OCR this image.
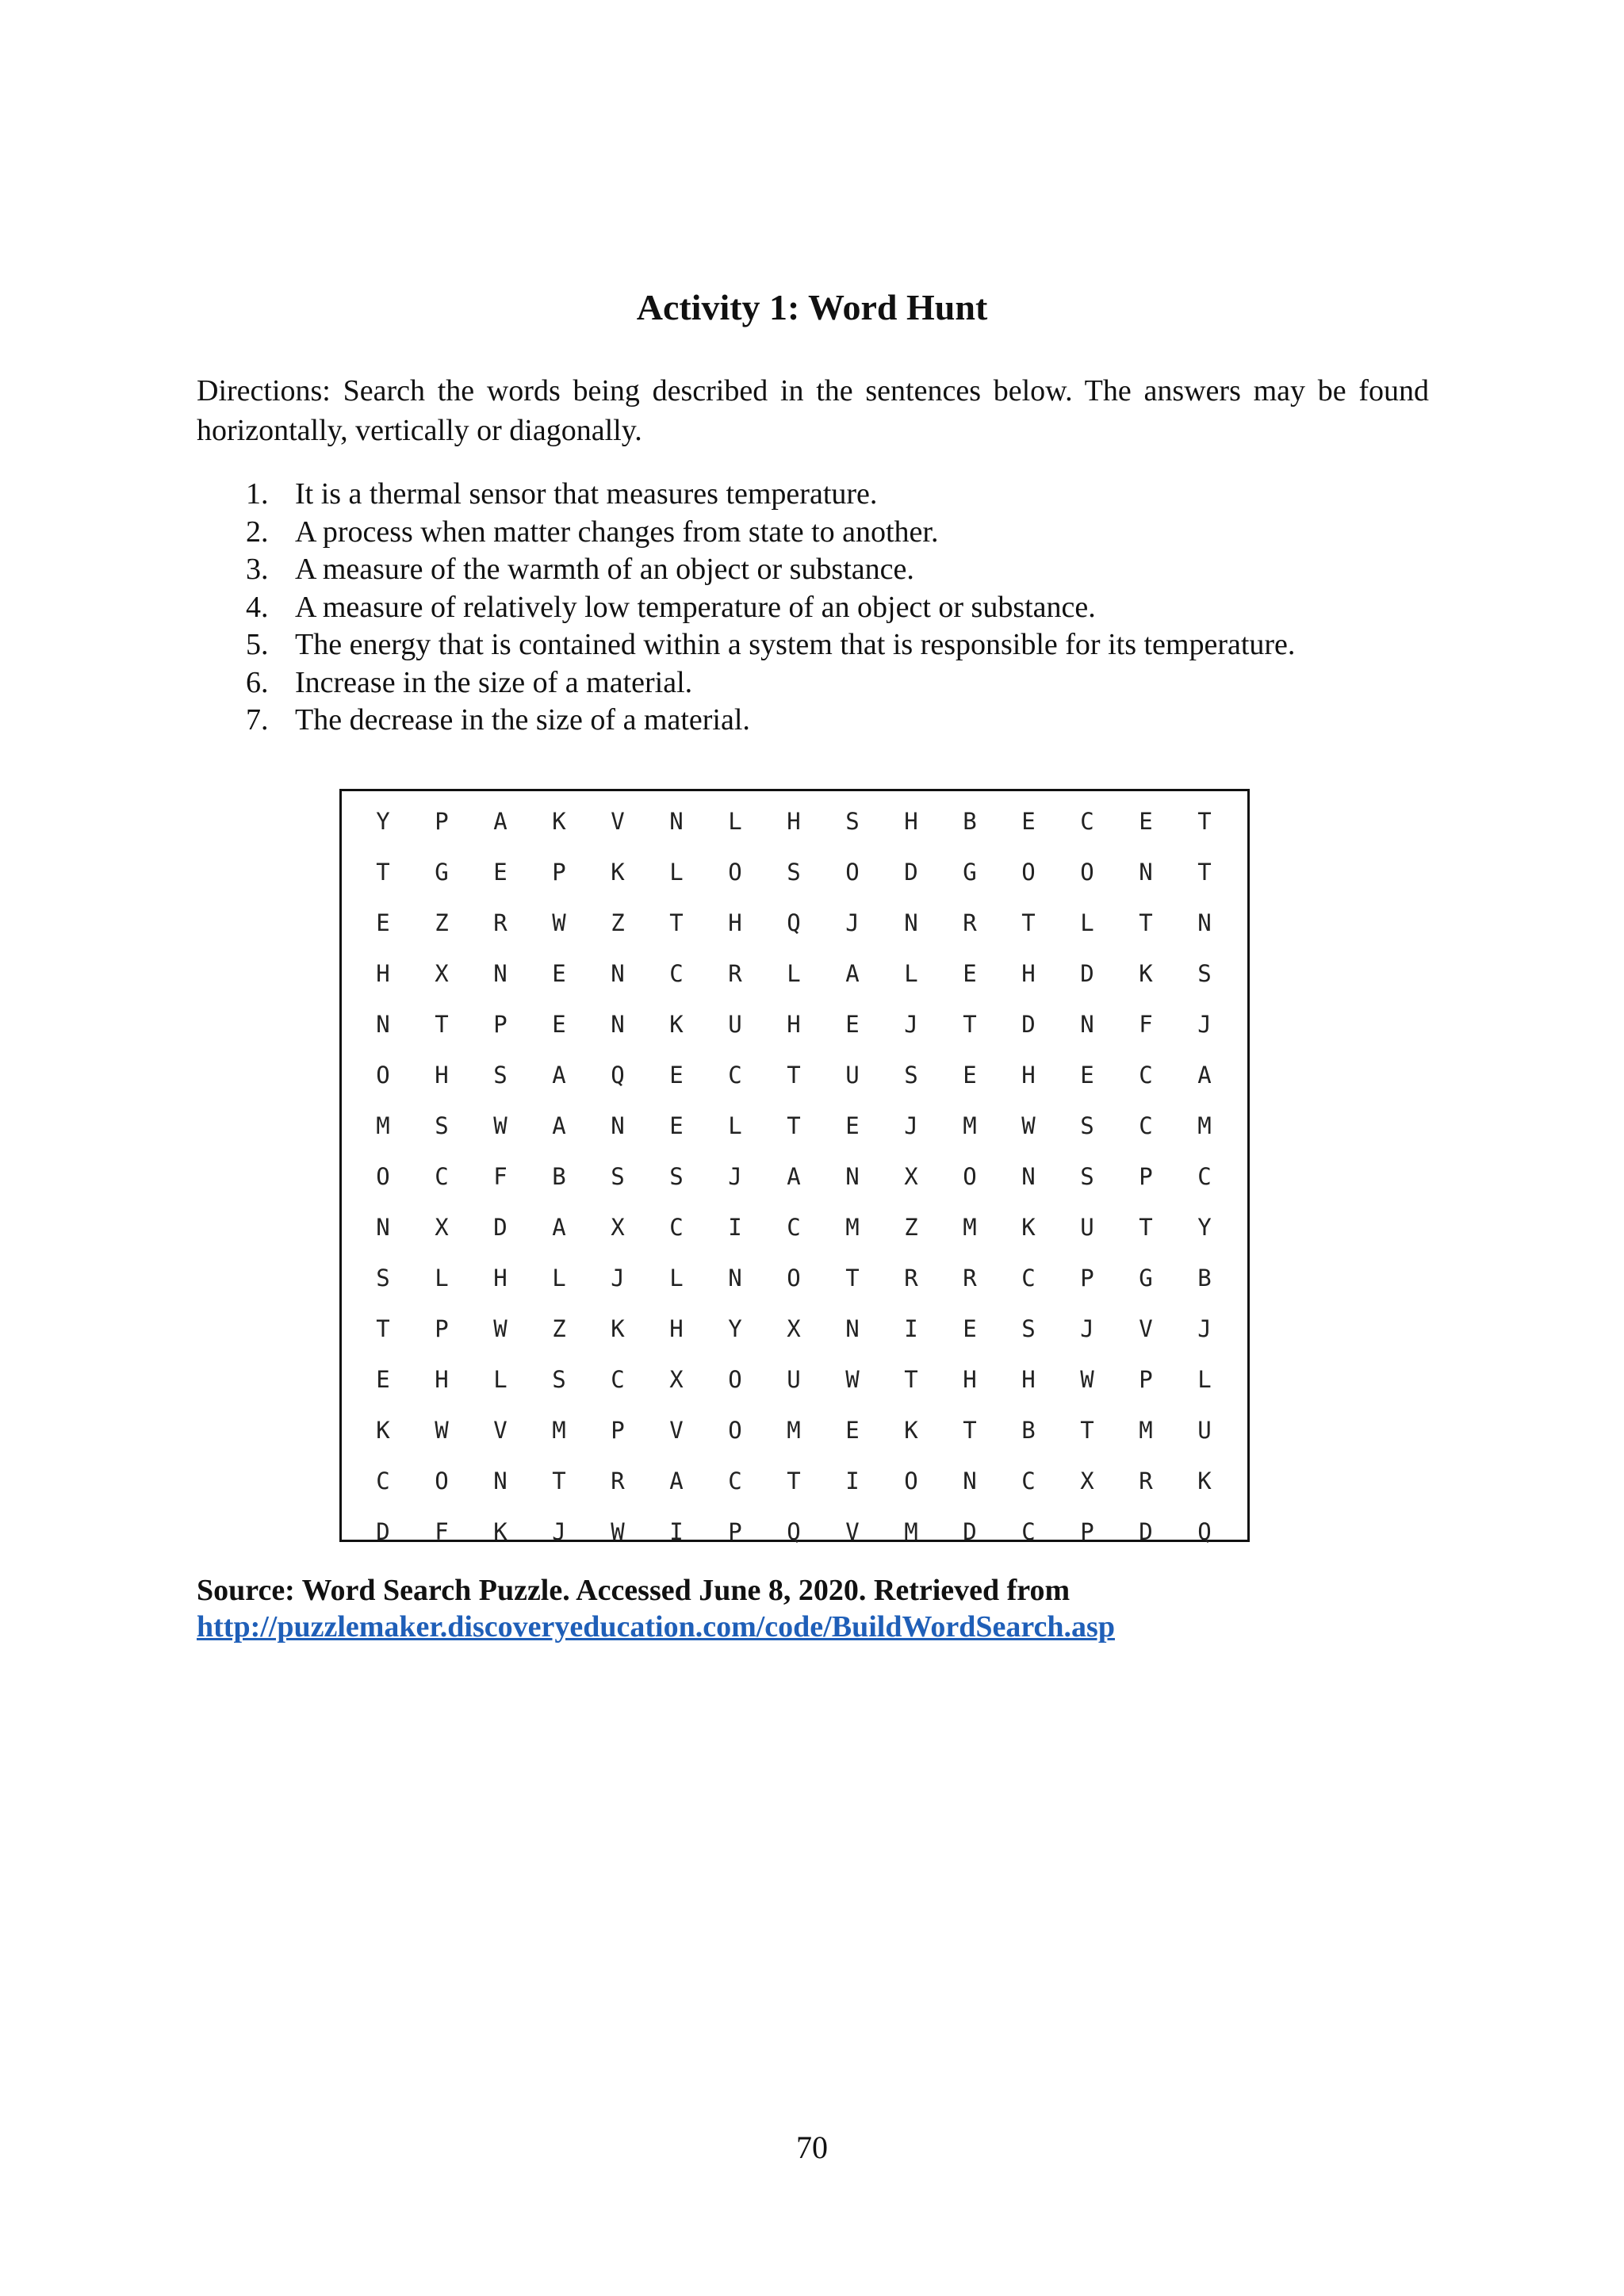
Activity 1: Word Hunt
Directions: Search the words being described in the sentences below. The answers may be found horizontally, vertically or diagonally.
1. It is a thermal sensor that measures temperature.
2. A process when matter changes from state to another.
3. A measure of the warmth of an object or substance.
4. A measure of relatively low temperature of an object or substance.
5. The energy that is contained within a system that is responsible for its temperature.
6. Increase in the size of a material.
7. The decrease in the size of a material.
Y	P	A	K	V	N	L	H	S	H	B	E	C	E	T
T	G	E	P	K	L	O	S	O	D	G	O	O	N	T
E	Z	R	W	Z	T	H	Q	J	N	R	T	L	T	N
H	X	N	E	N	C	R	L	A	L	E	H	D	K	S
N	T	P	E	N	K	U	H	E	J	T	D	N	F	J
O	H	S	A	Q	E	C	T	U	S	E	H	E	C	A
M	S	W	A	N	E	L	T	E	J	M	W	S	C	M
O	C	F	B	S	S	J	A	N	X	O	N	S	P	C
N	X	D	A	X	C	I	C	M	Z	M	K	U	T	Y
S	L	H	L	J	L	N	O	T	R	R	C	P	G	B
T	P	W	Z	K	H	Y	X	N	I	E	S	J	V	J
E	H	L	S	C	X	O	U	W	T	H	H	W	P	L
K	W	V	M	P	V	O	M	E	K	T	B	T	M	U
C	O	N	T	R	A	C	T	I	O	N	C	X	R	K
D	F	K	J	W	I	P	Q	V	M	D	C	P	D	Q
Source: Word Search Puzzle. Accessed June 8, 2020. Retrieved from
http://puzzlemaker.discoveryeducation.com/code/BuildWordSearch.asp
70
